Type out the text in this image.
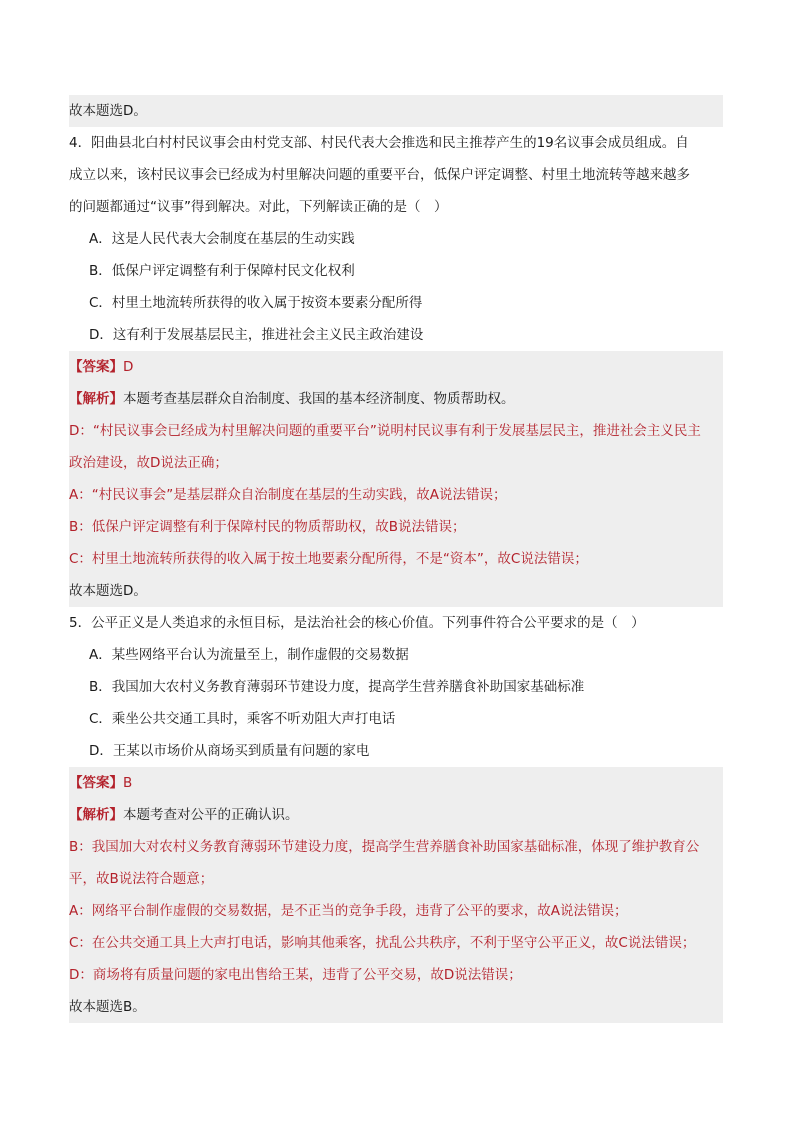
故本题选D。
4．阳曲县北白村村民议事会由村党支部、村民代表大会推选和民主推荐产生的19名议事会成员组成。自
成立以来，该村民议事会已经成为村里解决问题的重要平台，低保户评定调整、村里土地流转等越来越多
的问题都通过“议事”得到解决。对此，下列解读正确的是（　）
A．这是人民代表大会制度在基层的生动实践
B．低保户评定调整有利于保障村民文化权利
C．村里土地流转所获得的收入属于按资本要素分配所得
D．这有利于发展基层民主，推进社会主义民主政治建设
【答案】D
【解析】本题考查基层群众自治制度、我国的基本经济制度、物质帮助权。
D：“村民议事会已经成为村里解决问题的重要平台”说明村民议事有利于发展基层民主，推进社会主义民主
政治建设，故D说法正确；
A：“村民议事会”是基层群众自治制度在基层的生动实践，故A说法错误；
B：低保户评定调整有利于保障村民的物质帮助权，故B说法错误；
C：村里土地流转所获得的收入属于按土地要素分配所得，不是“资本”，故C说法错误；
故本题选D。
5．公平正义是人类追求的永恒目标，是法治社会的核心价值。下列事件符合公平要求的是（　）
A．某些网络平台认为流量至上，制作虚假的交易数据
B．我国加大农村义务教育薄弱环节建设力度，提高学生营养膳食补助国家基础标准
C．乘坐公共交通工具时，乘客不听劝阻大声打电话
D．王某以市场价从商场买到质量有问题的家电
【答案】B
【解析】本题考查对公平的正确认识。
B：我国加大对农村义务教育薄弱环节建设力度，提高学生营养膳食补助国家基础标准，体现了维护教育公
平，故B说法符合题意；
A：网络平台制作虚假的交易数据，是不正当的竞争手段，违背了公平的要求，故A说法错误；
C：在公共交通工具上大声打电话，影响其他乘客，扰乱公共秩序，不利于坚守公平正义，故C说法错误；
D：商场将有质量问题的家电出售给王某，违背了公平交易，故D说法错误；
故本题选B。
